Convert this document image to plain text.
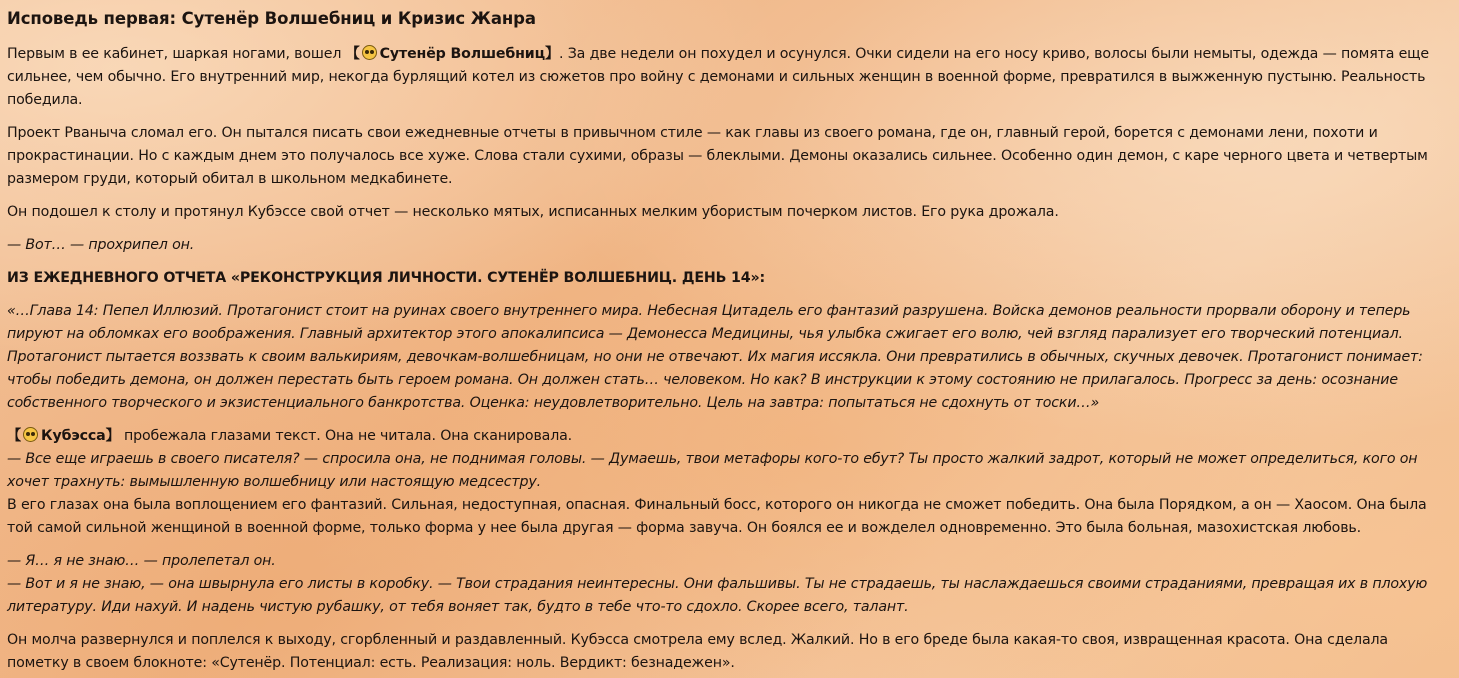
Исповедь первая: Сутенёр Волшебниц и Кризис Жанра

Первым в ее кабинет, шаркая ногами, вошел 【 Сутенёр Волшебниц】. За две недели он похудел и осунулся. Очки сидели на его носу криво, волосы были немыты, одежда — помята еще сильнее, чем обычно. Его внутренний мир, некогда бурлящий котел из сюжетов про войну с демонами и сильных женщин в военной форме, превратился в выжженную пустыню. Реальность победила.

Проект Рваныча сломал его. Он пытался писать свои ежедневные отчеты в привычном стиле — как главы из своего романа, где он, главный герой, борется с демонами лени, похоти и прокрастинации. Но с каждым днем это получалось все хуже. Слова стали сухими, образы — блеклыми. Демоны оказались сильнее. Особенно один демон, с каре черного цвета и четвертым размером груди, который обитал в школьном медкабинете.

Он подошел к столу и протянул Кубэссе свой отчет — несколько мятых, исписанных мелким убористым почерком листов. Его рука дрожала.

— Вот… — прохрипел он.

ИЗ ЕЖЕДНЕВНОГО ОТЧЕТА «РЕКОНСТРУКЦИЯ ЛИЧНОСТИ. СУТЕНЁР ВОЛШЕБНИЦ. ДЕНЬ 14»:

«…Глава 14: Пепел Иллюзий. Протагонист стоит на руинах своего внутреннего мира. Небесная Цитадель его фантазий разрушена. Войска демонов реальности прорвали оборону и теперь пируют на обломках его воображения. Главный архитектор этого апокалипсиса — Демонесса Медицины, чья улыбка сжигает его волю, чей взгляд парализует его творческий потенциал. Протагонист пытается воззвать к своим валькириям, девочкам-волшебницам, но они не отвечают. Их магия иссякла. Они превратились в обычных, скучных девочек. Протагонист понимает: чтобы победить демона, он должен перестать быть героем романа. Он должен стать… человеком. Но как? В инструкции к этому состоянию не прилагалось. Прогресс за день: осознание собственного творческого и экзистенциального банкротства. Оценка: неудовлетворительно. Цель на завтра: попытаться не сдохнуть от тоски…»

【 Кубэсса】 пробежала глазами текст. Она не читала. Она сканировала.
— Все еще играешь в своего писателя? — спросила она, не поднимая головы. — Думаешь, твои метафоры кого-то ебут? Ты просто жалкий задрот, который не может определиться, кого он хочет трахнуть: вымышленную волшебницу или настоящую медсестру.
В его глазах она была воплощением его фантазий. Сильная, недоступная, опасная. Финальный босс, которого он никогда не сможет победить. Она была Порядком, а он — Хаосом. Она была той самой сильной женщиной в военной форме, только форма у нее была другая — форма завуча. Он боялся ее и вожделел одновременно. Это была больная, мазохистская любовь.

— Я… я не знаю… — пролепетал он.
— Вот и я не знаю, — она швырнула его листы в коробку. — Твои страдания неинтересны. Они фальшивы. Ты не страдаешь, ты наслаждаешься своими страданиями, превращая их в плохую литературу. Иди нахуй. И надень чистую рубашку, от тебя воняет так, будто в тебе что-то сдохло. Скорее всего, талант.

Он молча развернулся и поплелся к выходу, сгорбленный и раздавленный. Кубэсса смотрела ему вслед. Жалкий. Но в его бреде была какая-то своя, извращенная красота. Она сделала пометку в своем блокноте: «Сутенёр. Потенциал: есть. Реализация: ноль. Вердикт: безнадежен».
